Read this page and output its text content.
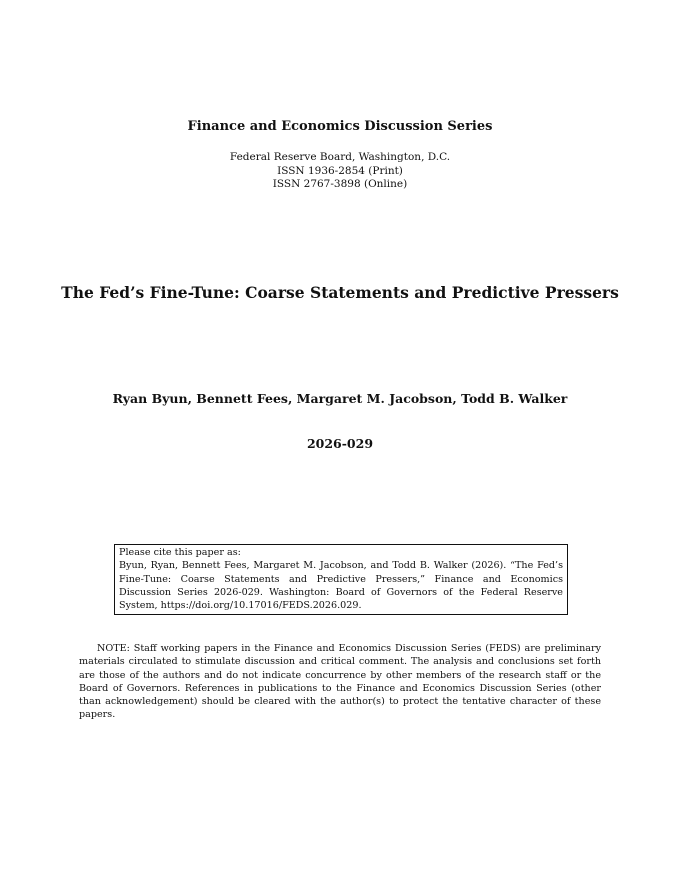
Finance and Economics Discussion Series
Federal Reserve Board, Washington, D.C.
ISSN 1936-2854 (Print)
ISSN 2767-3898 (Online)
The Fed’s Fine-Tune: Coarse Statements and Predictive Pressers
Ryan Byun, Bennett Fees, Margaret M. Jacobson, Todd B. Walker
2026-029
Please cite this paper as:
Byun, Ryan, Bennett Fees, Margaret M. Jacobson, and Todd B. Walker (2026). “The Fed’s Fine-Tune: Coarse Statements and Predictive Pressers,” Finance and Economics Discussion Series 2026-029. Washington: Board of Governors of the Federal Reserve System, https://doi.org/10.17016/FEDS.2026.029.
NOTE: Staff working papers in the Finance and Economics Discussion Series (FEDS) are preliminary materials circulated to stimulate discussion and critical comment. The analysis and conclusions set forth are those of the authors and do not indicate concurrence by other members of the research staff or the Board of Governors. References in publications to the Finance and Economics Discussion Series (other than acknowledgement) should be cleared with the author(s) to protect the tentative character of these papers.
